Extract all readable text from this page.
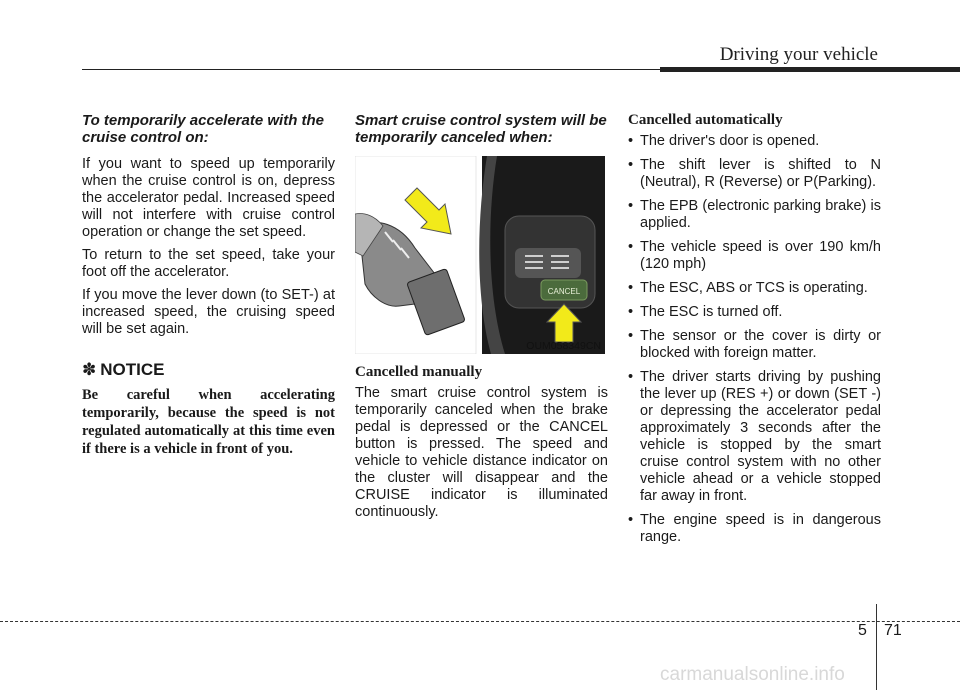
Driving your vehicle

To temporarily accelerate with the cruise control on:

If you want to speed up temporarily when the cruise control is on, depress the accelerator pedal. Increased speed will not interfere with cruise control operation or change the set speed.

To return to the set speed, take your foot off the accelerator.

If you move the lever down (to SET-) at increased speed, the cruising speed will be set again.

✽ NOTICE

Be careful when accelerating temporarily, because the speed is not regulated automatically at this time even if there is a vehicle in front of you.

Smart cruise control system will be temporarily canceled when:

CANCEL
OUM058349CN

Cancelled manually

The smart cruise control system is temporarily canceled when the brake pedal is depressed or the CANCEL button is pressed. The speed and vehicle to vehicle distance indicator on the cluster will disappear and the CRUISE indicator is illuminated continuously.

Cancelled automatically

• The driver's door is opened.
• The shift lever is shifted to N (Neutral), R (Reverse) or P(Parking).
• The EPB (electronic parking brake) is applied.
• The vehicle speed is over 190 km/h (120 mph)
• The ESC, ABS or TCS is operating.
• The ESC is turned off.
• The sensor or the cover is dirty or blocked with foreign matter.
• The driver starts driving by pushing the lever up (RES +) or down (SET -) or depressing the accelerator pedal approximately 3 seconds after the vehicle is stopped by the smart cruise control system with no other vehicle ahead or a vehicle stopped far away in front.
• The engine speed is in dangerous range.
5 71
carmanualsonline.info
